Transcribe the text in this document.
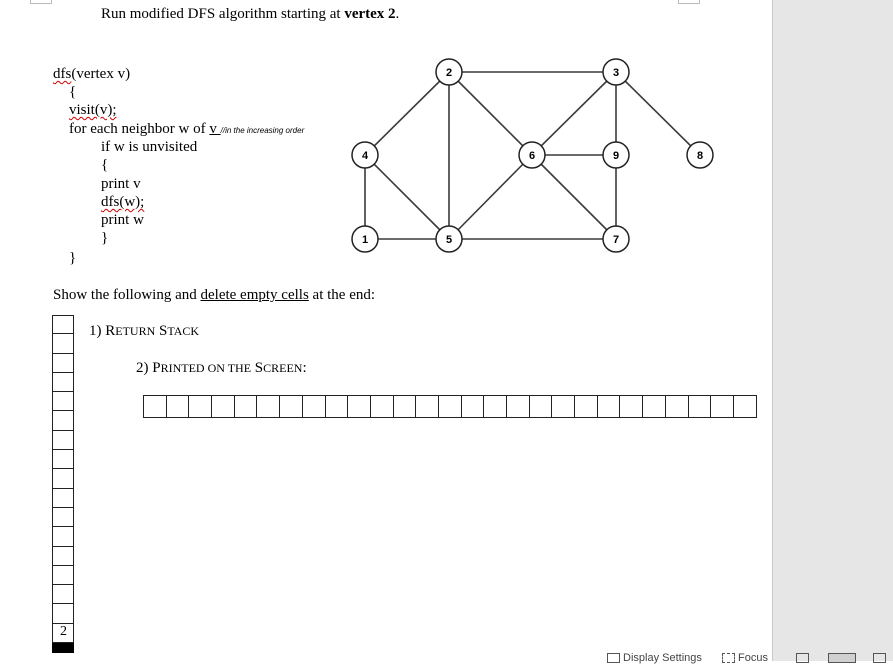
Run modified DFS algorithm starting at vertex 2.
dfs(vertex v)
{
visit(v);
for each neighbor w of v //in the increasing order
if w is unvisited
{
print v
dfs(w);
print w
}
}
2	3
4	6	9	8
1	5	7
Show the following and delete empty cells at the end:
1) RETURN STACK
2) PRINTED ON THE SCREEN:
2
Display Settings	Focus
